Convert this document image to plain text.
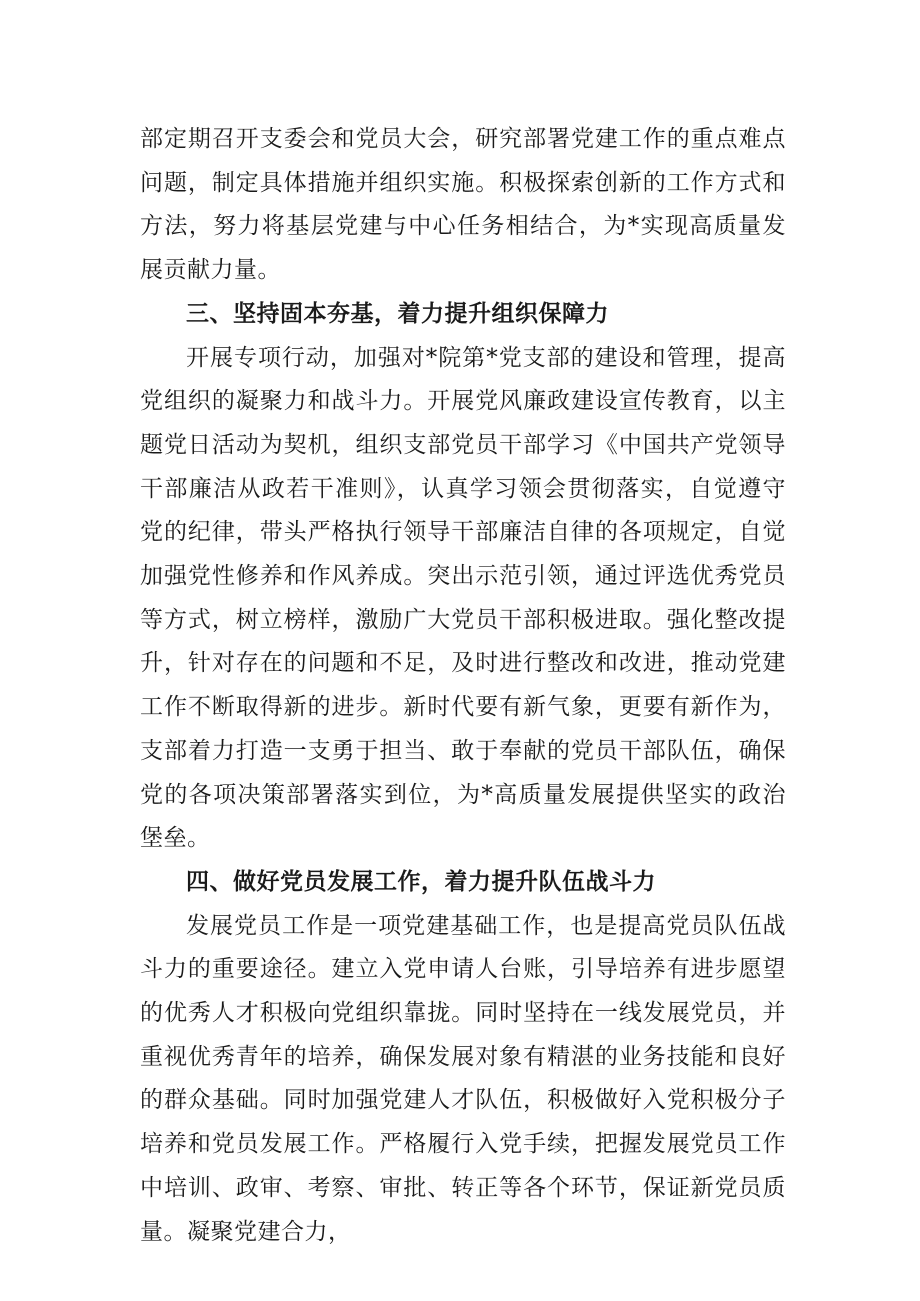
部定期召开支委会和党员大会，研究部署党建工作的重点难点问题，制定具体措施并组织实施。积极探索创新的工作方式和方法，努力将基层党建与中心任务相结合，为*实现高质量发展贡献力量。

三、坚持固本夯基，着力提升组织保障力

开展专项行动，加强对*院第*党支部的建设和管理，提高党组织的凝聚力和战斗力。开展党风廉政建设宣传教育，以主题党日活动为契机，组织支部党员干部学习《中国共产党领导干部廉洁从政若干准则》，认真学习领会贯彻落实，自觉遵守党的纪律，带头严格执行领导干部廉洁自律的各项规定，自觉加强党性修养和作风养成。突出示范引领，通过评选优秀党员等方式，树立榜样，激励广大党员干部积极进取。强化整改提升，针对存在的问题和不足，及时进行整改和改进，推动党建工作不断取得新的进步。新时代要有新气象，更要有新作为，支部着力打造一支勇于担当、敢于奉献的党员干部队伍，确保党的各项决策部署落实到位，为*高质量发展提供坚实的政治堡垒。

四、做好党员发展工作，着力提升队伍战斗力

发展党员工作是一项党建基础工作，也是提高党员队伍战斗力的重要途径。建立入党申请人台账，引导培养有进步愿望的优秀人才积极向党组织靠拢。同时坚持在一线发展党员，并重视优秀青年的培养，确保发展对象有精湛的业务技能和良好的群众基础。同时加强党建人才队伍，积极做好入党积极分子培养和党员发展工作。严格履行入党手续，把握发展党员工作中培训、政审、考察、审批、转正等各个环节，保证新党员质量。凝聚党建合力，
